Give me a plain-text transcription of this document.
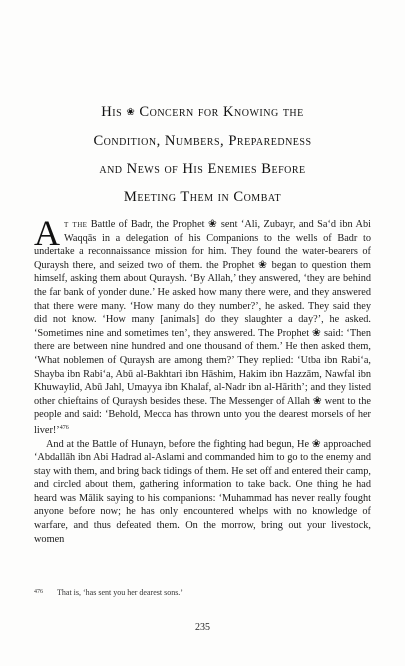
His ❀ Concern for Knowing the
Condition, Numbers, Preparedness
and News of His Enemies Before
Meeting Them in Combat

At the Battle of Badr, the Prophet ❀ sent ‘Ali, Zubayr, and Sa‘d ibn Abi Waqqās in a delegation of his Companions to the wells of Badr to undertake a reconnaissance mission for him. They found the water-bearers of Quraysh there, and seized two of them. the Prophet ❀ began to question them himself, asking them about Quraysh. ‘By Allah,’ they answered, ‘they are behind the far bank of yonder dune.’ He asked how many there were, and they answered that there were many. ‘How many do they number?’, he asked. They said they did not know. ‘How many [animals] do they slaughter a day?’, he asked. ‘Sometimes nine and sometimes ten’, they answered. The Prophet ❀ said: ‘Then there are between nine hundred and one thousand of them.’ He then asked them, ‘What noblemen of Quraysh are among them?’ They replied: ‘Utba ibn Rabi‘a, Shayba ibn Rabi‘a, Abū al-Bakhtari ibn Hāshim, Hakim ibn Hazzām, Nawfal ibn Khuwaylid, Abū Jahl, Umayya ibn Khalaf, al-Nadr ibn al-Hārith’; and they listed other chieftains of Quraysh besides these. The Messenger of Allah ❀ went to the people and said: ‘Behold, Mecca has thrown unto you the dearest morsels of her liver!’$^{476}$

And at the Battle of Hunayn, before the fighting had begun, He ❀ approached ‘Abdallāh ibn Abi Hadrad al-Aslami and commanded him to go to the enemy and stay with them, and bring back tidings of them. He set off and entered their camp, and circled about them, gathering information to take back. One thing he had heard was Mālik saying to his companions: ‘Muhammad has never really fought anyone before now; he has only encountered whelps with no knowledge of warfare, and thus defeated them. On the morrow, bring out your livestock, women

$^{476}$ That is, ‘has sent you her dearest sons.’
235
